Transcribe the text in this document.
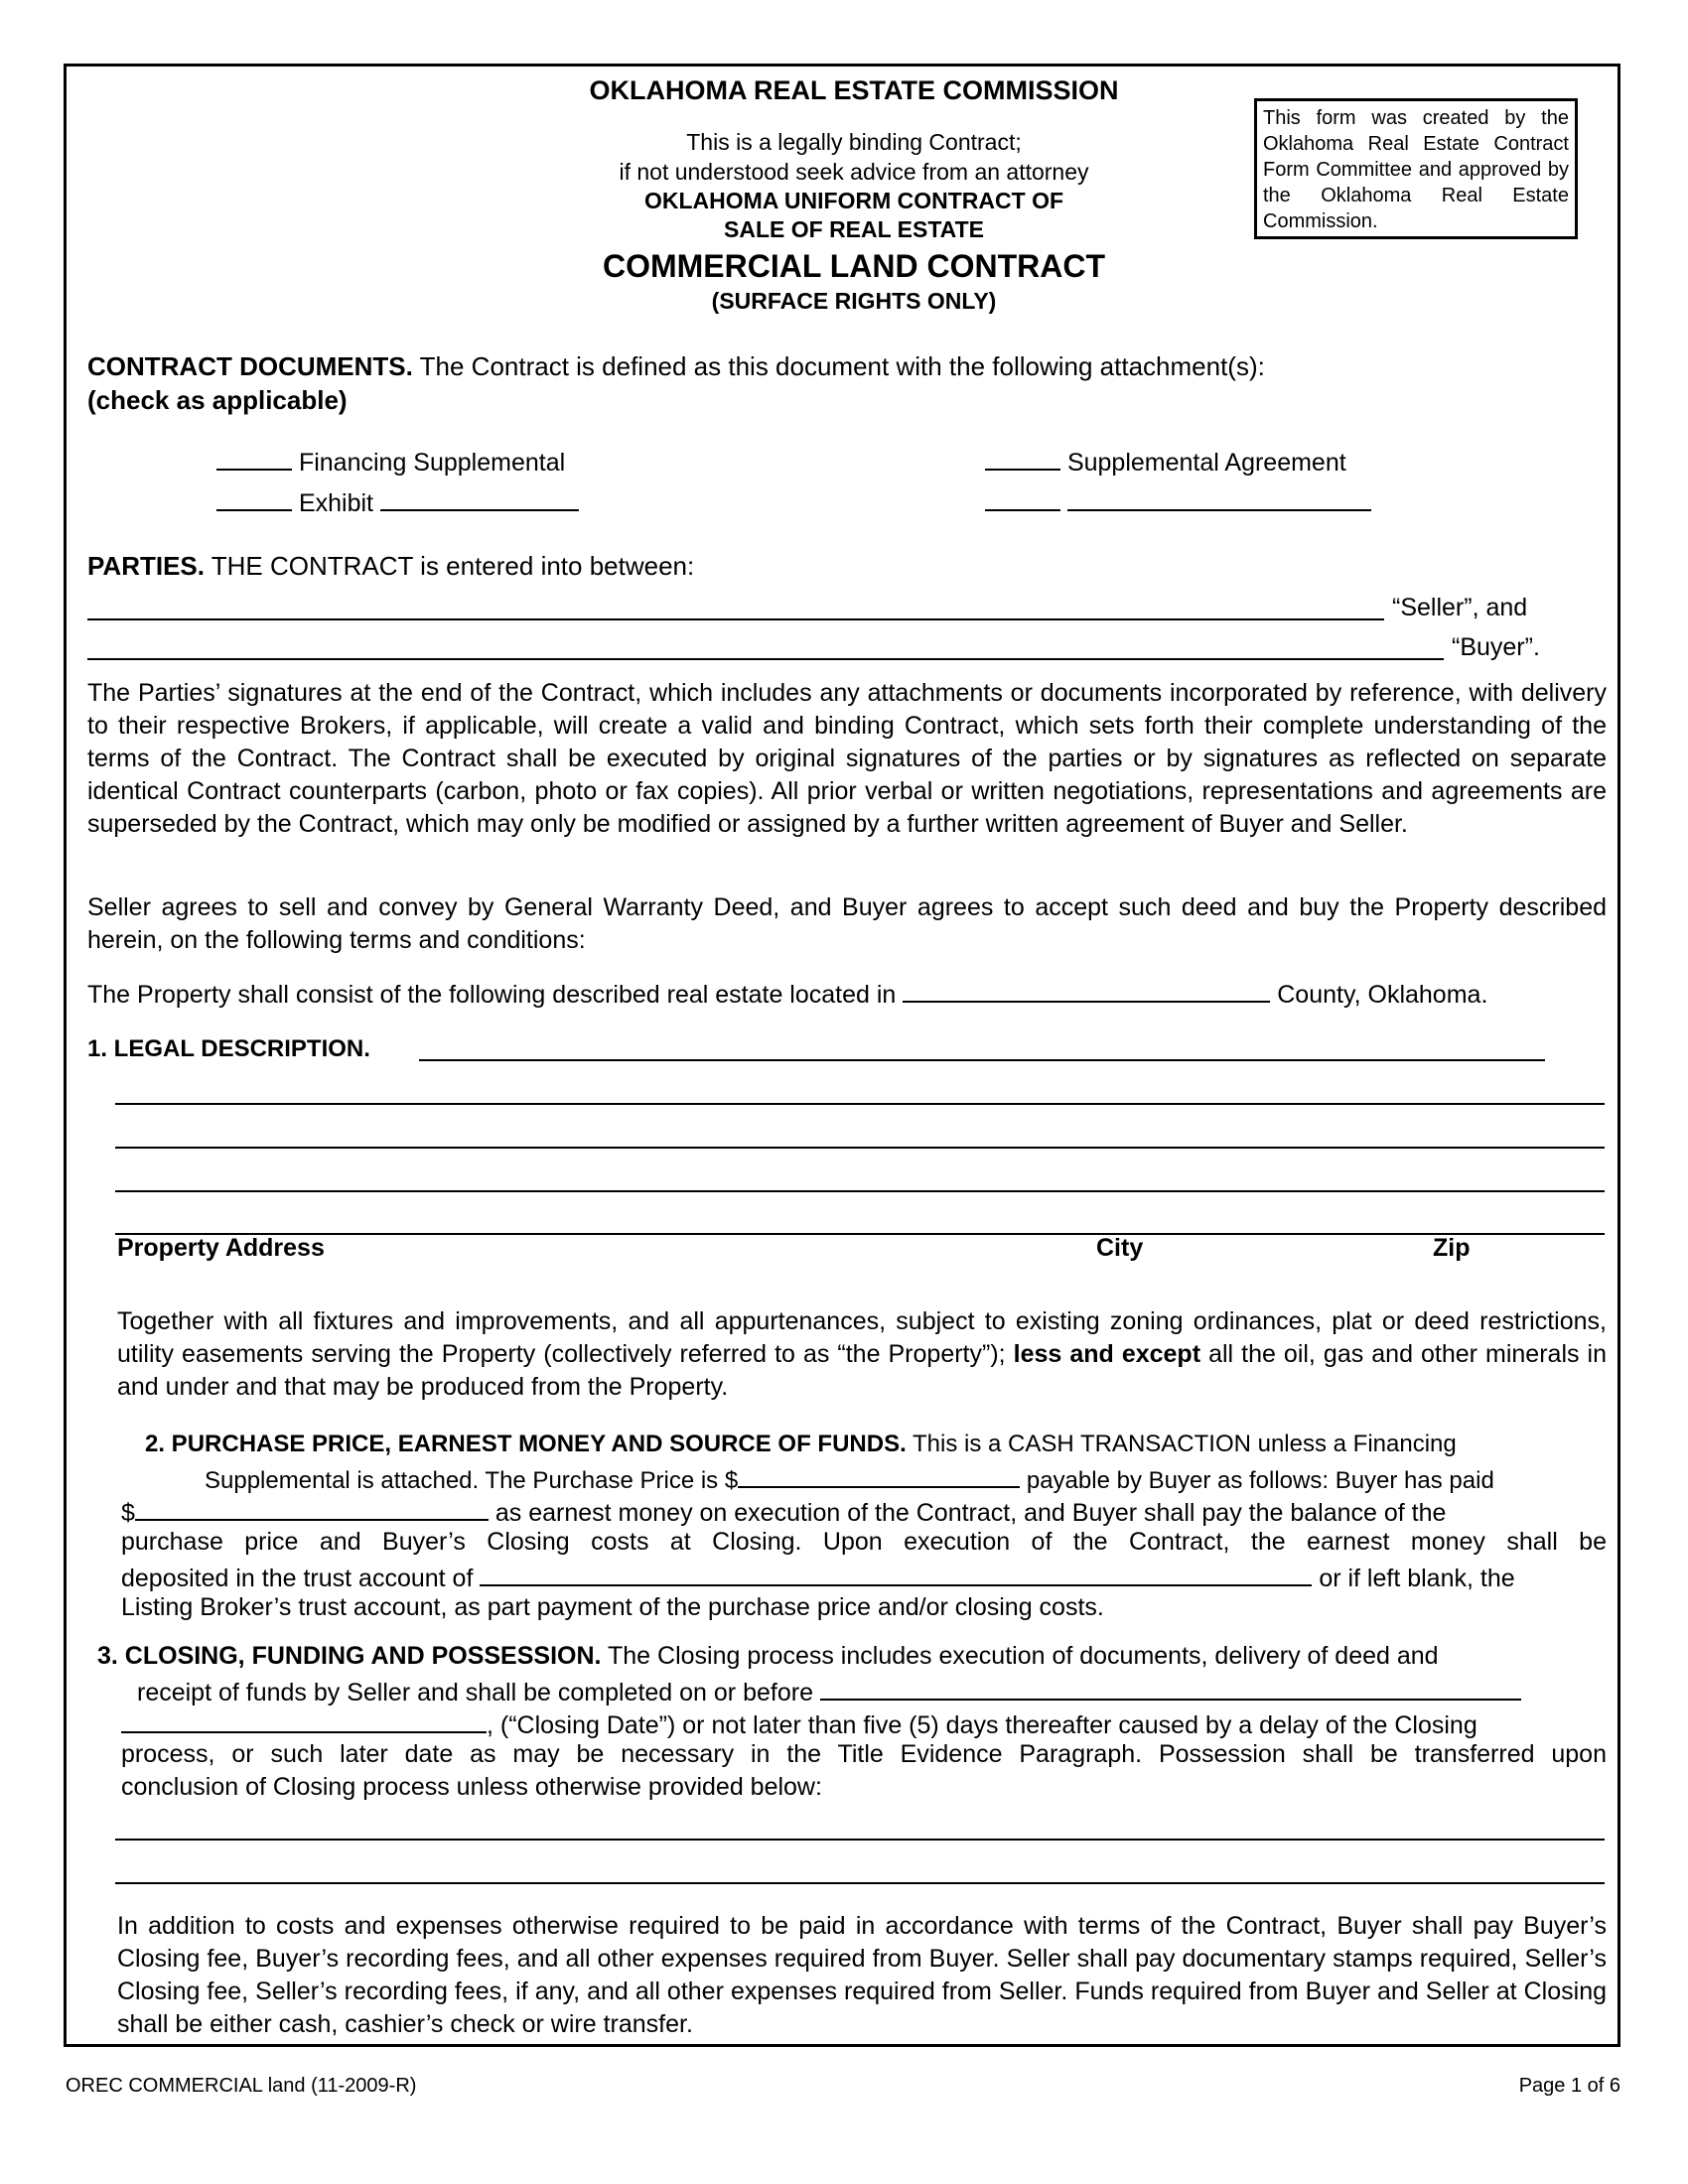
OKLAHOMA REAL ESTATE COMMISSION
This is a legally binding Contract;
if not understood seek advice from an attorney
OKLAHOMA UNIFORM CONTRACT OF
SALE OF REAL ESTATE
COMMERCIAL LAND CONTRACT
(SURFACE RIGHTS ONLY)
This form was created by the Oklahoma Real Estate Contract Form Committee and approved by the Oklahoma Real Estate Commission.
CONTRACT DOCUMENTS. The Contract is defined as this document with the following attachment(s):
(check as applicable)
Financing Supplemental
Exhibit
Supplemental Agreement

PARTIES. THE CONTRACT is entered into between:
“Seller”, and
“Buyer”.
The Parties’ signatures at the end of the Contract, which includes any attachments or documents incorporated by reference, with delivery to their respective Brokers, if applicable, will create a valid and binding Contract, which sets forth their complete understanding of the terms of the Contract. The Contract shall be executed by original signatures of the parties or by signatures as reflected on separate identical Contract counterparts (carbon, photo or fax copies). All prior verbal or written negotiations, representations and agreements are superseded by the Contract, which may only be modified or assigned by a further written agreement of Buyer and Seller.
Seller agrees to sell and convey by General Warranty Deed, and Buyer agrees to accept such deed and buy the Property described herein, on the following terms and conditions:
The Property shall consist of the following described real estate located in	County, Oklahoma.
1. LEGAL DESCRIPTION.
Property Address	City	Zip
Together with all fixtures and improvements, and all appurtenances, subject to existing zoning ordinances, plat or deed restrictions, utility easements serving the Property (collectively referred to as “the Property”); less and except all the oil, gas and other minerals in and under and that may be produced from the Property.
2. PURCHASE PRICE, EARNEST MONEY AND SOURCE OF FUNDS. This is a CASH TRANSACTION unless a Financing
Supplemental is attached. The Purchase Price is $	payable by Buyer as follows: Buyer has paid
$	as earnest money on execution of the Contract, and Buyer shall pay the balance of the
purchase price and Buyer’s Closing costs at Closing. Upon execution of the Contract, the earnest money shall be
deposited in the trust account of	or if left blank, the
Listing Broker’s trust account, as part payment of the purchase price and/or closing costs.
3. CLOSING, FUNDING AND POSSESSION. The Closing process includes execution of documents, delivery of deed and
receipt of funds by Seller and shall be completed on or before
, (“Closing Date”) or not later than five (5) days thereafter caused by a delay of the Closing
process, or such later date as may be necessary in the Title Evidence Paragraph. Possession shall be transferred upon
conclusion of Closing process unless otherwise provided below:
In addition to costs and expenses otherwise required to be paid in accordance with terms of the Contract, Buyer shall pay Buyer’s Closing fee, Buyer’s recording fees, and all other expenses required from Buyer. Seller shall pay documentary stamps required, Seller’s Closing fee, Seller’s recording fees, if any, and all other expenses required from Seller. Funds required from Buyer and Seller at Closing shall be either cash, cashier’s check or wire transfer.
OREC COMMERCIAL land (11-2009-R)	Page 1 of 6
